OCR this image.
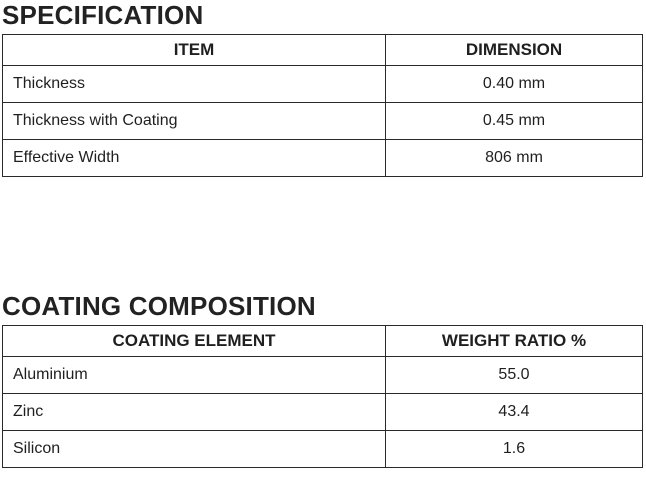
SPECIFICATION
ITEM	DIMENSION
Thickness	0.40 mm
Thickness with Coating	0.45 mm
Effective Width	806 mm
COATING COMPOSITION
COATING ELEMENT	WEIGHT RATIO %
Aluminium	55.0
Zinc	43.4
Silicon	1.6
